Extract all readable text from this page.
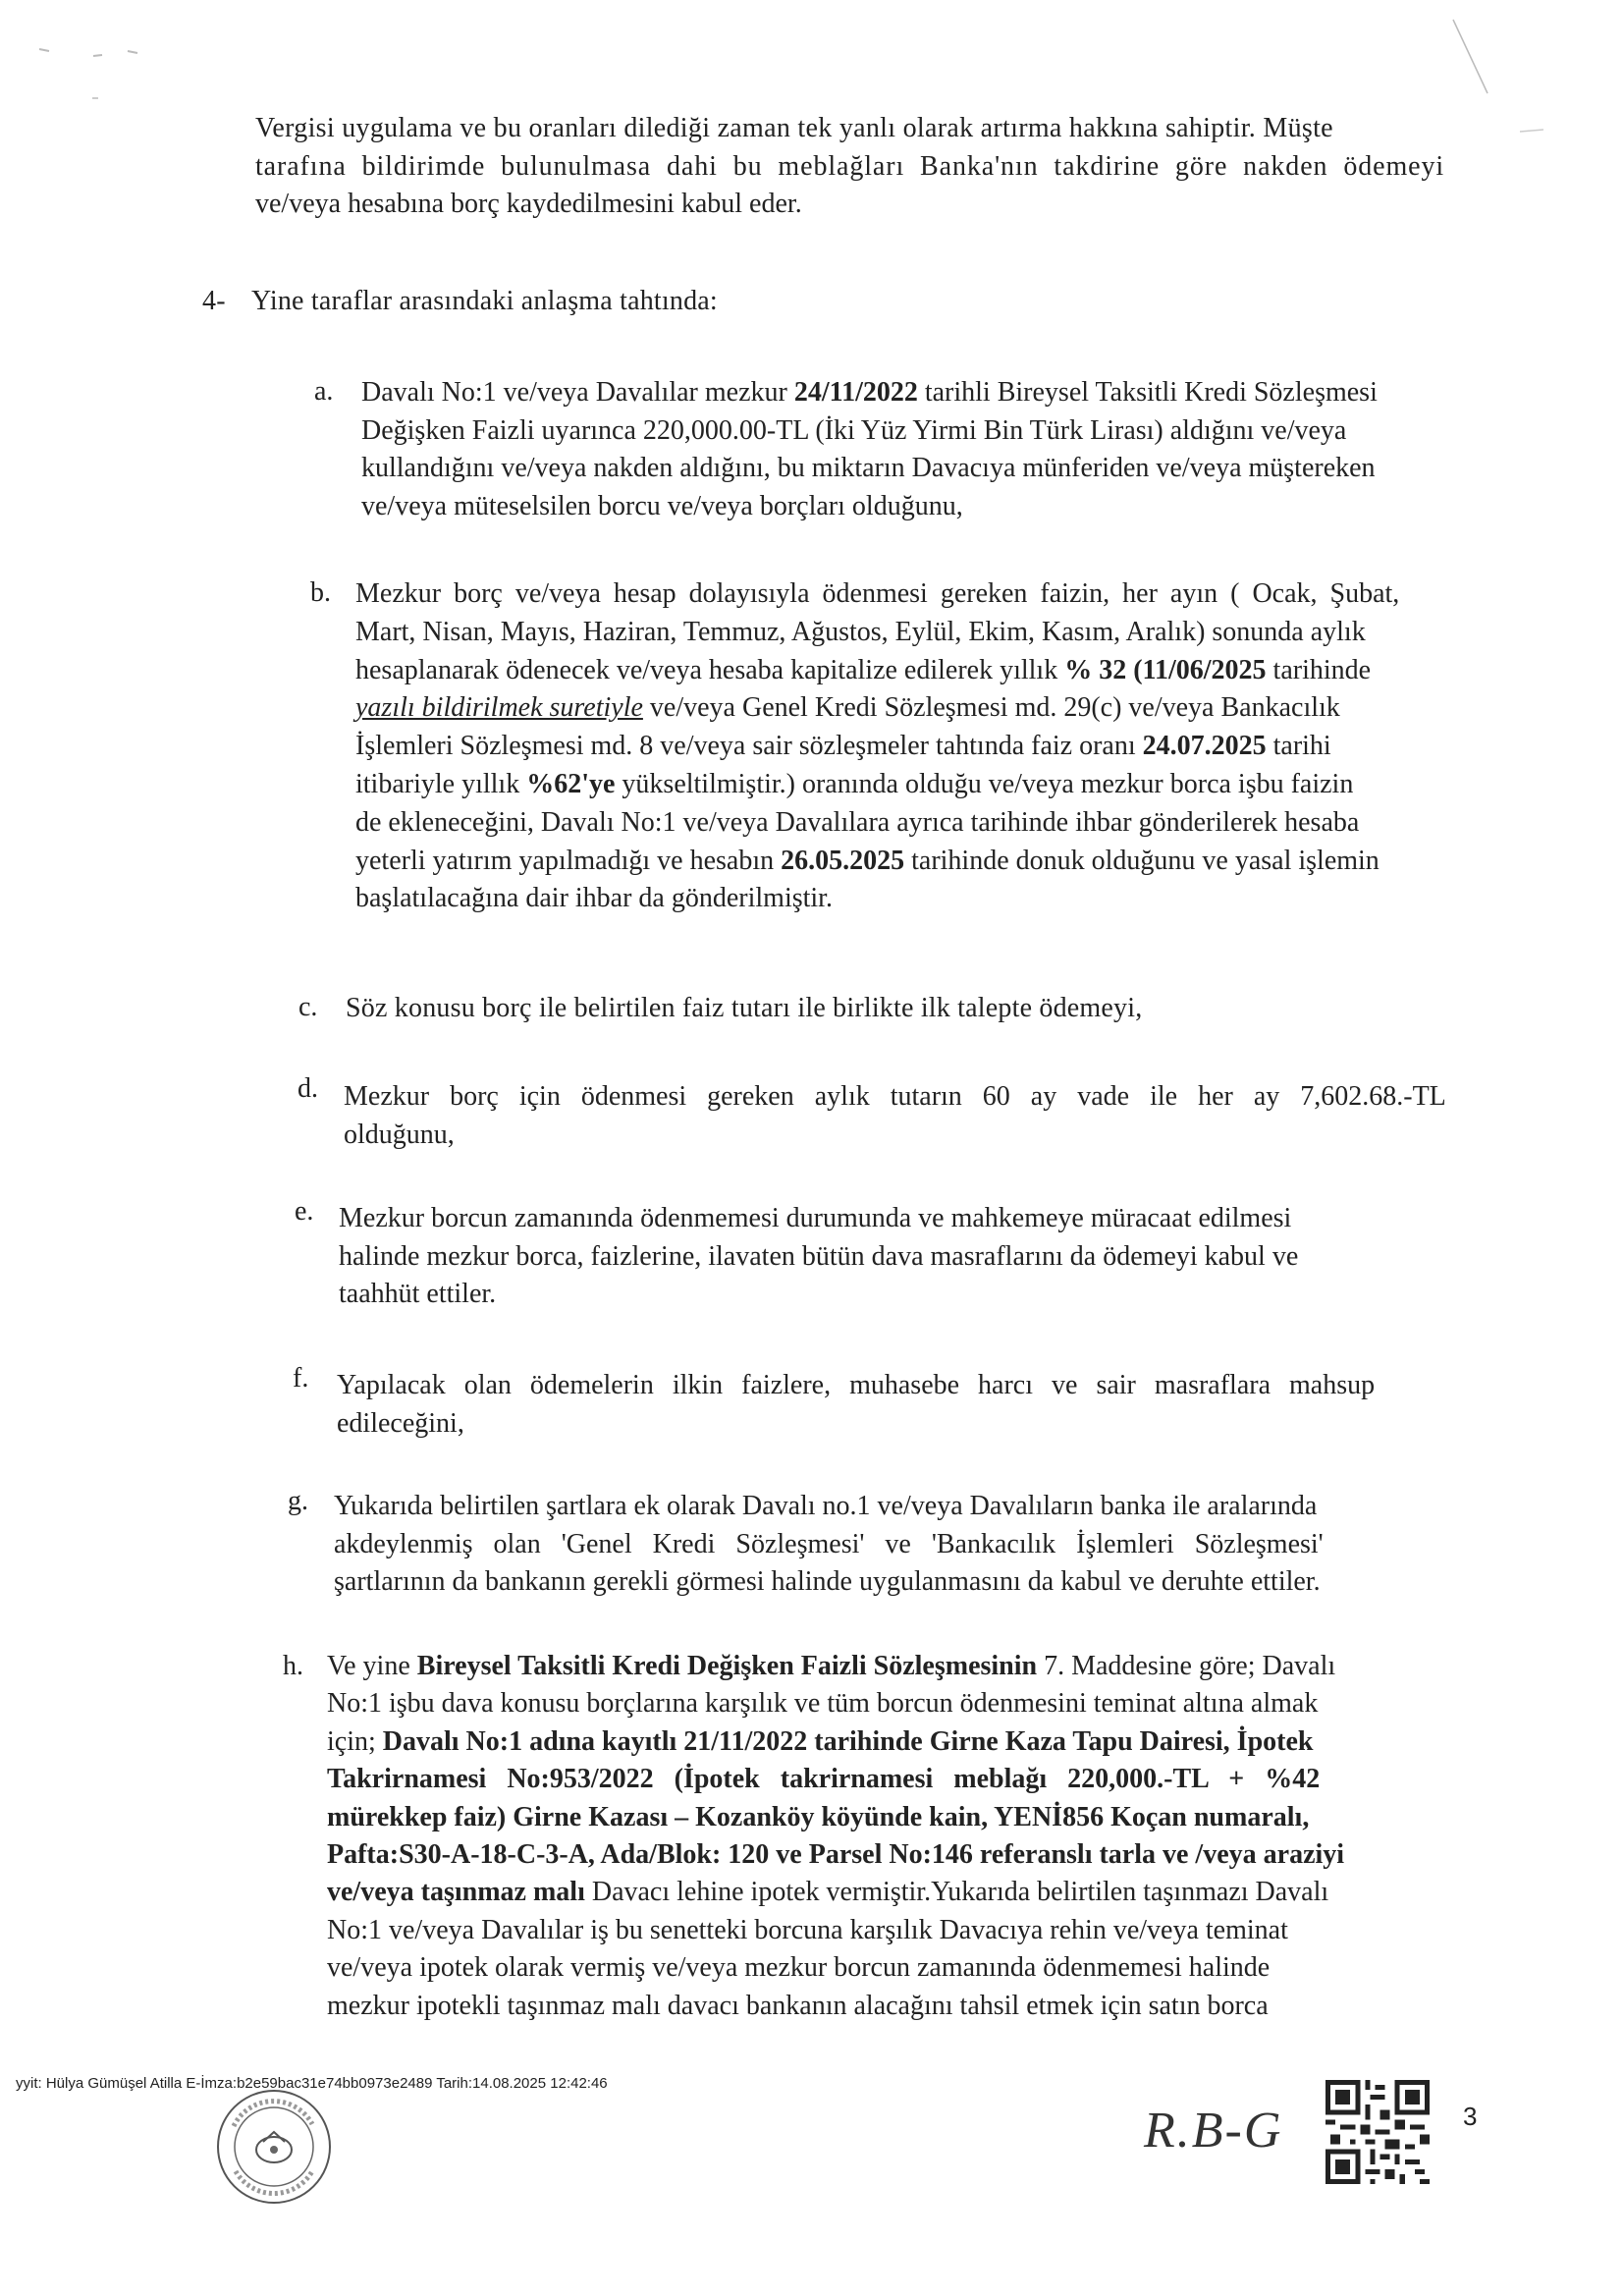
Vergisi uygulama ve bu oranları dilediği zaman tek yanlı olarak artırma hakkına sahiptir. Müşte
tarafına bildirimde bulunulmasa dahi bu meblağları Banka'nın takdirine göre nakden ödemeyi
ve/veya hesabına borç kaydedilmesini kabul eder.
4- Yine taraflar arasındaki anlaşma tahtında:
a. Davalı No:1 ve/veya Davalılar mezkur 24/11/2022 tarihli Bireysel Taksitli Kredi Sözleşmesi
Değişken Faizli uyarınca 220,000.00-TL (İki Yüz Yirmi Bin Türk Lirası) aldığını ve/veya
kullandığını ve/veya nakden aldığını, bu miktarın Davacıya münferiden ve/veya müştereken
ve/veya müteselsilen borcu ve/veya borçları olduğunu,
b. Mezkur borç ve/veya hesap dolayısıyla ödenmesi gereken faizin, her ayın ( Ocak, Şubat,
Mart, Nisan, Mayıs, Haziran, Temmuz, Ağustos, Eylül, Ekim, Kasım, Aralık) sonunda aylık
hesaplanarak ödenecek ve/veya hesaba kapitalize edilerek yıllık % 32 (11/06/2025 tarihinde
yazılı bildirilmek suretiyle ve/veya Genel Kredi Sözleşmesi md. 29(c) ve/veya Bankacılık
İşlemleri Sözleşmesi md. 8 ve/veya sair sözleşmeler tahtında faiz oranı 24.07.2025 tarihi
itibariyle yıllık %62'ye yükseltilmiştir.) oranında olduğu ve/veya mezkur borca işbu faizin
de ekleneceğini, Davalı No:1 ve/veya Davalılara ayrıca tarihinde ihbar gönderilerek hesaba
yeterli yatırım yapılmadığı ve hesabın 26.05.2025 tarihinde donuk olduğunu ve yasal işlemin
başlatılacağına dair ihbar da gönderilmiştir.
c. Söz konusu borç ile belirtilen faiz tutarı ile birlikte ilk talepte ödemeyi,
d. Mezkur borç için ödenmesi gereken aylık tutarın 60 ay vade ile her ay 7,602.68.-TL
olduğunu,
e. Mezkur borcun zamanında ödenmemesi durumunda ve mahkemeye müracaat edilmesi
halinde mezkur borca, faizlerine, ilavaten bütün dava masraflarını da ödemeyi kabul ve
taahhüt ettiler.
f. Yapılacak olan ödemelerin ilkin faizlere, muhasebe harcı ve sair masraflara mahsup
edileceğini,
g. Yukarıda belirtilen şartlara ek olarak Davalı no.1 ve/veya Davalıların banka ile aralarında
akdeylenmiş olan 'Genel Kredi Sözleşmesi' ve 'Bankacılık İşlemleri Sözleşmesi'
şartlarının da bankanın gerekli görmesi halinde uygulanmasını da kabul ve deruhte ettiler.
h. Ve yine Bireysel Taksitli Kredi Değişken Faizli Sözleşmesinin 7. Maddesine göre; Davalı
No:1 işbu dava konusu borçlarına karşılık ve tüm borcun ödenmesini teminat altına almak
için; Davalı No:1 adına kayıtlı 21/11/2022 tarihinde Girne Kaza Tapu Dairesi, İpotek
Takrirnamesi No:953/2022 (İpotek takrirnamesi meblağı 220,000.-TL + %42
mürekkep faiz) Girne Kazası – Kozanköy köyünde kain, YENİ856 Koçan numaralı,
Pafta:S30-A-18-C-3-A, Ada/Blok: 120 ve Parsel No:146 referanslı tarla ve /veya araziyi
ve/veya taşınmaz malı Davacı lehine ipotek vermiştir.Yukarıda belirtilen taşınmazı Davalı
No:1 ve/veya Davalılar iş bu senetteki borcuna karşılık Davacıya rehin ve/veya teminat
ve/veya ipotek olarak vermiş ve/veya mezkur borcun zamanında ödenmemesi halinde
mezkur ipotekli taşınmaz malı davacı bankanın alacağını tahsil etmek için satın borca
yyit: Hülya Gümüşel Atilla E-İmza:b2e59bac31e74bb0973e2489 Tarih:14.08.2025 12:42:46
R.B-G	3
